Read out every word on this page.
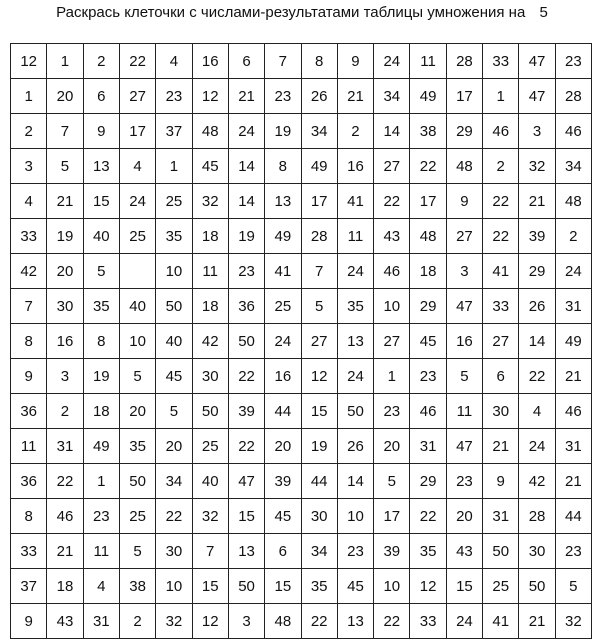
Раскрась клеточки с числами-результатами таблицы умножения на 5
12	1	2	22	4	16	6	7	8	9	24	11	28	33	47	23
1	20	6	27	23	12	21	23	26	21	34	49	17	1	47	28
2	7	9	17	37	48	24	19	34	2	14	38	29	46	3	46
3	5	13	4	1	45	14	8	49	16	27	22	48	2	32	34
4	21	15	24	25	32	14	13	17	41	22	17	9	22	21	48
33	19	40	25	35	18	19	49	28	11	43	48	27	22	39	2
42	20	5		10	11	23	41	7	24	46	18	3	41	29	24
7	30	35	40	50	18	36	25	5	35	10	29	47	33	26	31
8	16	8	10	40	42	50	24	27	13	27	45	16	27	14	49
9	3	19	5	45	30	22	16	12	24	1	23	5	6	22	21
36	2	18	20	5	50	39	44	15	50	23	46	11	30	4	46
11	31	49	35	20	25	22	20	19	26	20	31	47	21	24	31
36	22	1	50	34	40	47	39	44	14	5	29	23	9	42	21
8	46	23	25	22	32	15	45	30	10	17	22	20	31	28	44
33	21	11	5	30	7	13	6	34	23	39	35	43	50	30	23
37	18	4	38	10	15	50	15	35	45	10	12	15	25	50	5
9	43	31	2	32	12	3	48	22	13	22	33	24	41	21	32
